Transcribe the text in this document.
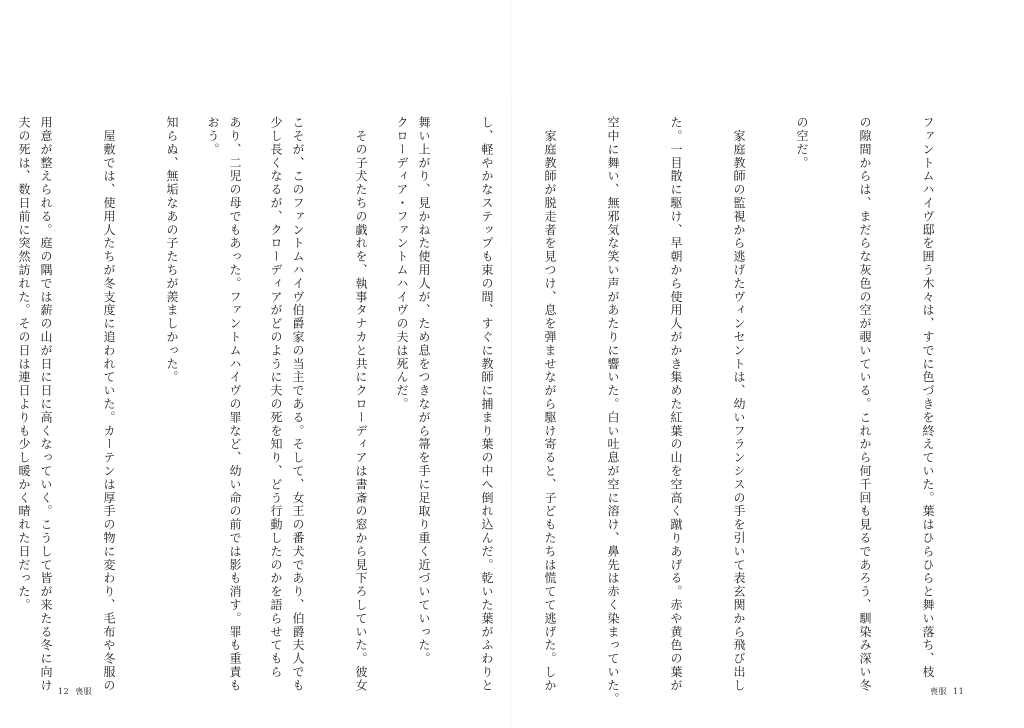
ファントムハイヴ邸を囲う木々は、すでに色づきを終えていた。葉はひらひらと舞い落ち、枝

の隙間からは、まだらな灰色の空が覗いている。これから何千回も見るであろう、馴染み深い冬

の空だ。

　家庭教師の監視から逃げたヴィンセントは、幼いフランシスの手を引いて表玄関から飛び出し

た。一目散に駆け、早朝から使用人がかき集めた紅葉の山を空高く蹴りあげる。赤や黄色の葉が

空中に舞い、無邪気な笑い声があたりに響いた。白い吐息が空に溶け、鼻先は赤く染まっていた。

　家庭教師が脱走者を見つけ、息を弾ませながら駆け寄ると、子どもたちは慌てて逃げた。しか

し、軽やかなステップも束の間、すぐに教師に捕まり葉の中へ倒れ込んだ。乾いた葉がふわりと

舞い上がり、見かねた使用人が、ため息をつきながら箒を手に足取り重く近づいていった。

　その子犬たちの戯れを、執事タナカと共にクローディアは書斎の窓から見下ろしていた。彼女

こそが、このファントムハイヴ伯爵家の当主である。そして、女王の番犬であり、伯爵夫人でも

あり、二児の母でもあった。ファントムハイヴの罪など、幼い命の前では影も消す。罪も重責も

知らぬ、無垢なあの子たちが羨ましかった。

　屋敷では、使用人たちが冬支度に追われていた。カーテンは厚手の物に変わり、毛布や冬服の

用意が整えられる。庭の隅では薪の山が日に日に高くなっていく。こうして皆が来たる冬に向け

	クローディア・ファントムハイヴの夫は死んだ。

少し長くなるが、クローディアがどのように夫の死を知り、どう行動したのかを語らせてもら

おう。

夫の死は、数日前に突然訪れた。その日は連日よりも少し暖かく晴れた日だった。

12 喪服	喪服 11
